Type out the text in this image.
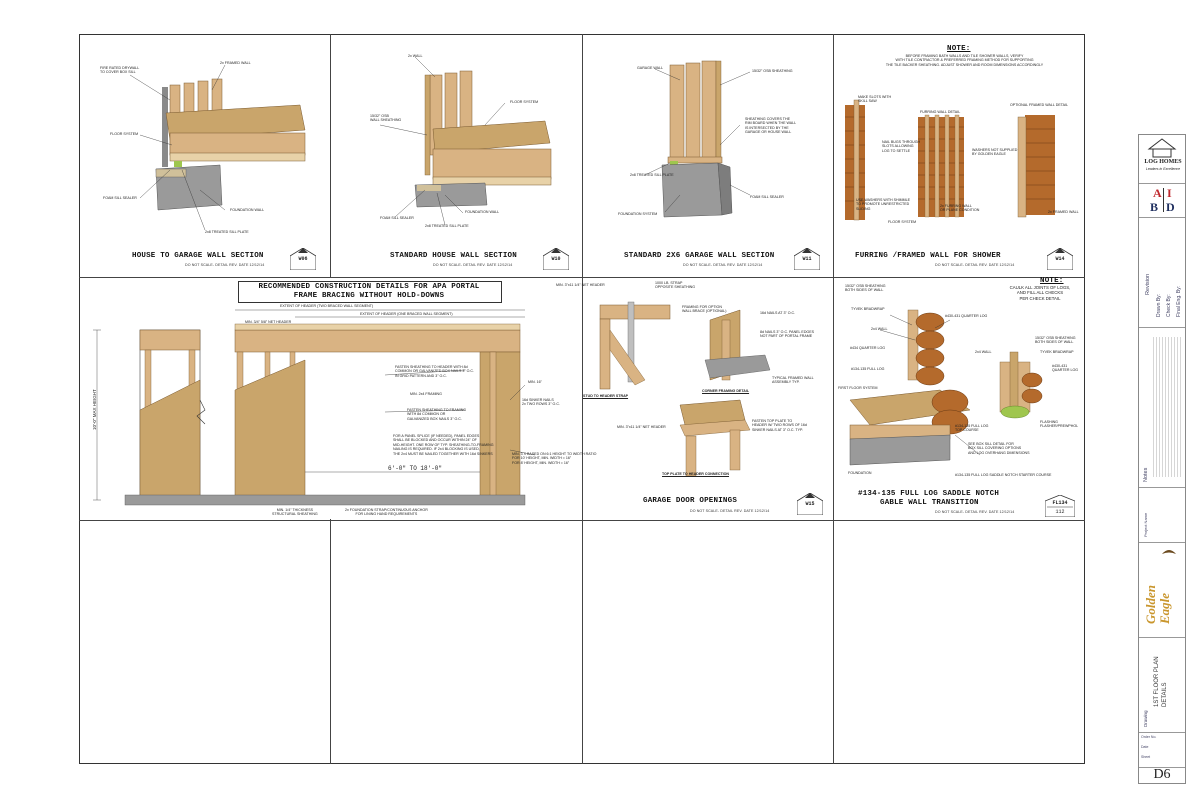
FIRE RATED DRYWALL
TO COVER BOX SILL
2x FRAMED WALL
FLOOR SYSTEM
FOAM SILL SEALER
FOUNDATION WALL
2x8 TREATED SILL PLATE
HOUSE TO GARAGE WALL SECTION
DO NOT SCALE- DETAIL REV. DATE 12/12/14
W06
2x WALL
15/32" OSB
WALL SHEATHING
FLOOR SYSTEM
FOAM SILL SEALER
FOUNDATION WALL
2x8 TREATED SILL PLATE
STANDARD HOUSE WALL SECTION
DO NOT SCALE- DETAIL REV. DATE 12/12/14
W10
GARAGE WALL
15/32" OSB SHEATHING
SHEATHING COVERS THE
RIM BOARD WHEN THE WALL
IS INTERSECTED BY THE
GARAGE OR HOUSE WALL
2x8 TREATED SILL PLATE
FOAM SILL SEALER
FOUNDATION SYSTEM
STANDARD 2X6 GARAGE WALL SECTION
DO NOT SCALE- DETAIL REV. DATE 12/12/14
W11
NOTE:
BEFORE FRAMING BATH WALLS AND TILE SHOWER WALLS, VERIFY
WITH TILE CONTRACTOR & PREFERRED FRAMING METHOD FOR SUPPORTING
THE TILE BACKER SHEATHING. ADJUST SHOWER AND ROOM DIMENSIONS ACCORDINGLY
MAKE SLOTS WITH
SKILL SAW
FURRING WALL DETAIL
OPTIONAL FRAMED WALL DETAIL
NAIL BUGS THROUGH
SLOTS ALLOWING
LOG TO SETTLE	WASHERS NOT SUPPLIED
BY GOLDEN EAGLE
USE WASHERS WITH SHIMMLE
TO PROMOTE UNRESTRICTED
SLIDING
2x FURRING WALL
OR PLANE CONDITION
FLOOR SYSTEM
2x FRAMED WALL
FURRING /FRAMED WALL FOR SHOWER
DO NOT SCALE- DETAIL REV. DATE 12/12/14
W14
RECOMMENDED CONSTRUCTION DETAILS FOR APA PORTAL
FRAME BRACING WITHOUT HOLD-DOWNS
EXTENT OF HEADER (TWO BRACED WALL SEGMENT)
EXTENT OF HEADER (ONE BRACED WALL SEGMENT)
10'-0" MAX HEIGHT
6'-0" TO 18'-0"
MIN. 3/4" 5/8" NET HEADER
FASTEN SHEATHING TO HEADER WITH 8d
COMMON OR GALVANIZED BOX NAILS 3" O.C.
IN GRID PATTERN AND 3" O.C.
MIN. 2x4 FRAMING
FASTEN SHEATHING TO FRAMING
WITH 8d COMMON OR
GALVANIZED BOX NAILS 3" O.C.
FOR A PANEL SPLICE (IF NEEDED), PANEL EDGES
SHALL BE BLOCKED AND OCCUR WITHIN 24" OF
MID-HEIGHT. ONE ROW OF TYP. SHEATHING-TO-FRAMING
NAILING IS REQUIRED. IF 2x4 BLOCKING IS USED,
THE 2x4 MUST BE NAILED TOGETHER WITH 16d SINKERS
MIN. 16"
16d SINKER NAILS
2x TWO ROWS 3" O.C.
MIN. 3 X BASED ON 6:1 HEIGHT TO WIDTH RATIO
FOR 10' HEIGHT, MIN. WIDTH = 16"
FOR 8' HEIGHT, MIN. WIDTH = 16"
MIN. 1/4" THICKNESS
STRUCTURAL SHEATHING
2x FOUNDATION STRAP/CONTINUOUS ANCHOR
FOR LINING HAND REQUIREMENTS
MIN. 3"x11 1/4" NET HEADER	1000 LB. STRAP
OPPOSITE SHEATHING
FRAMING FOR OPTION
WALL BRACE (OPTIONAL)	16d NAILS AT 3" O.C.
8d NAILS 3" O.C. PANEL EDGES
NOT PART OF PORTAL FRAME
TYPICAL FRAMED WALL
ASSEMBLY TYP.
STUD TO HEADER STRAP
CORNER FRAMING DETAIL
MIN. 3"x11 1/4" NET HEADER
FASTEN TOP PLATE TO
HEADER W/ TWO ROWS OF 16d
SINKER NAILS AT 3" O.C. TYP.
TOP PLATE TO HEADER CONNECTION
GARAGE DOOR OPENINGS
DO NOT SCALE- DETAIL REV. DATE 12/12/14
W15
NOTE:
CAULK ALL JOINTS OF LOGS,
AND FILL ALL CHECKS
PER CHECK DETAIL
15/32" OSB SHEATHING
BOTH SIDES OF WALL
TYVEK BRADWRAP
2x4 WALL
#430-431 QUARTER LOG
#434 QUARTER LOG
#134-135 FULL LOG
15/32" OSB SHEATHING
BOTH SIDES OF WALL
TYVEK BRADWRAP
2x4 WALL
#430-431
QUARTER LOG
FIRST FLOOR SYSTEM
#134-135 FULL LOG
TOP COURSE
FLASHING
FLASHER/PREWPHOL
SEE BOX SILL DETAIL FOR
BOX SILL COVERING OPTIONS
AND LOG OVERHANG DIMENSIONS
FOUNDATION	#134-135 FULL LOG SADDLE NOTCH STARTER COURSE
#134-135 FULL LOG SADDLE NOTCH
GABLE WALL TRANSITION
DO NOT SCALE- DETAIL REV. DATE 12/12/14
FL134
112
LOG HOMES
Leaders in Excellence
A I
B D
Revision
Drawn By: Check By: Final Eng. By:
Notes
Project Name
Golden Eagle
Drawing
1ST FLOOR PLAN
DETAILS
Order No.
Date
Sheet
D6
